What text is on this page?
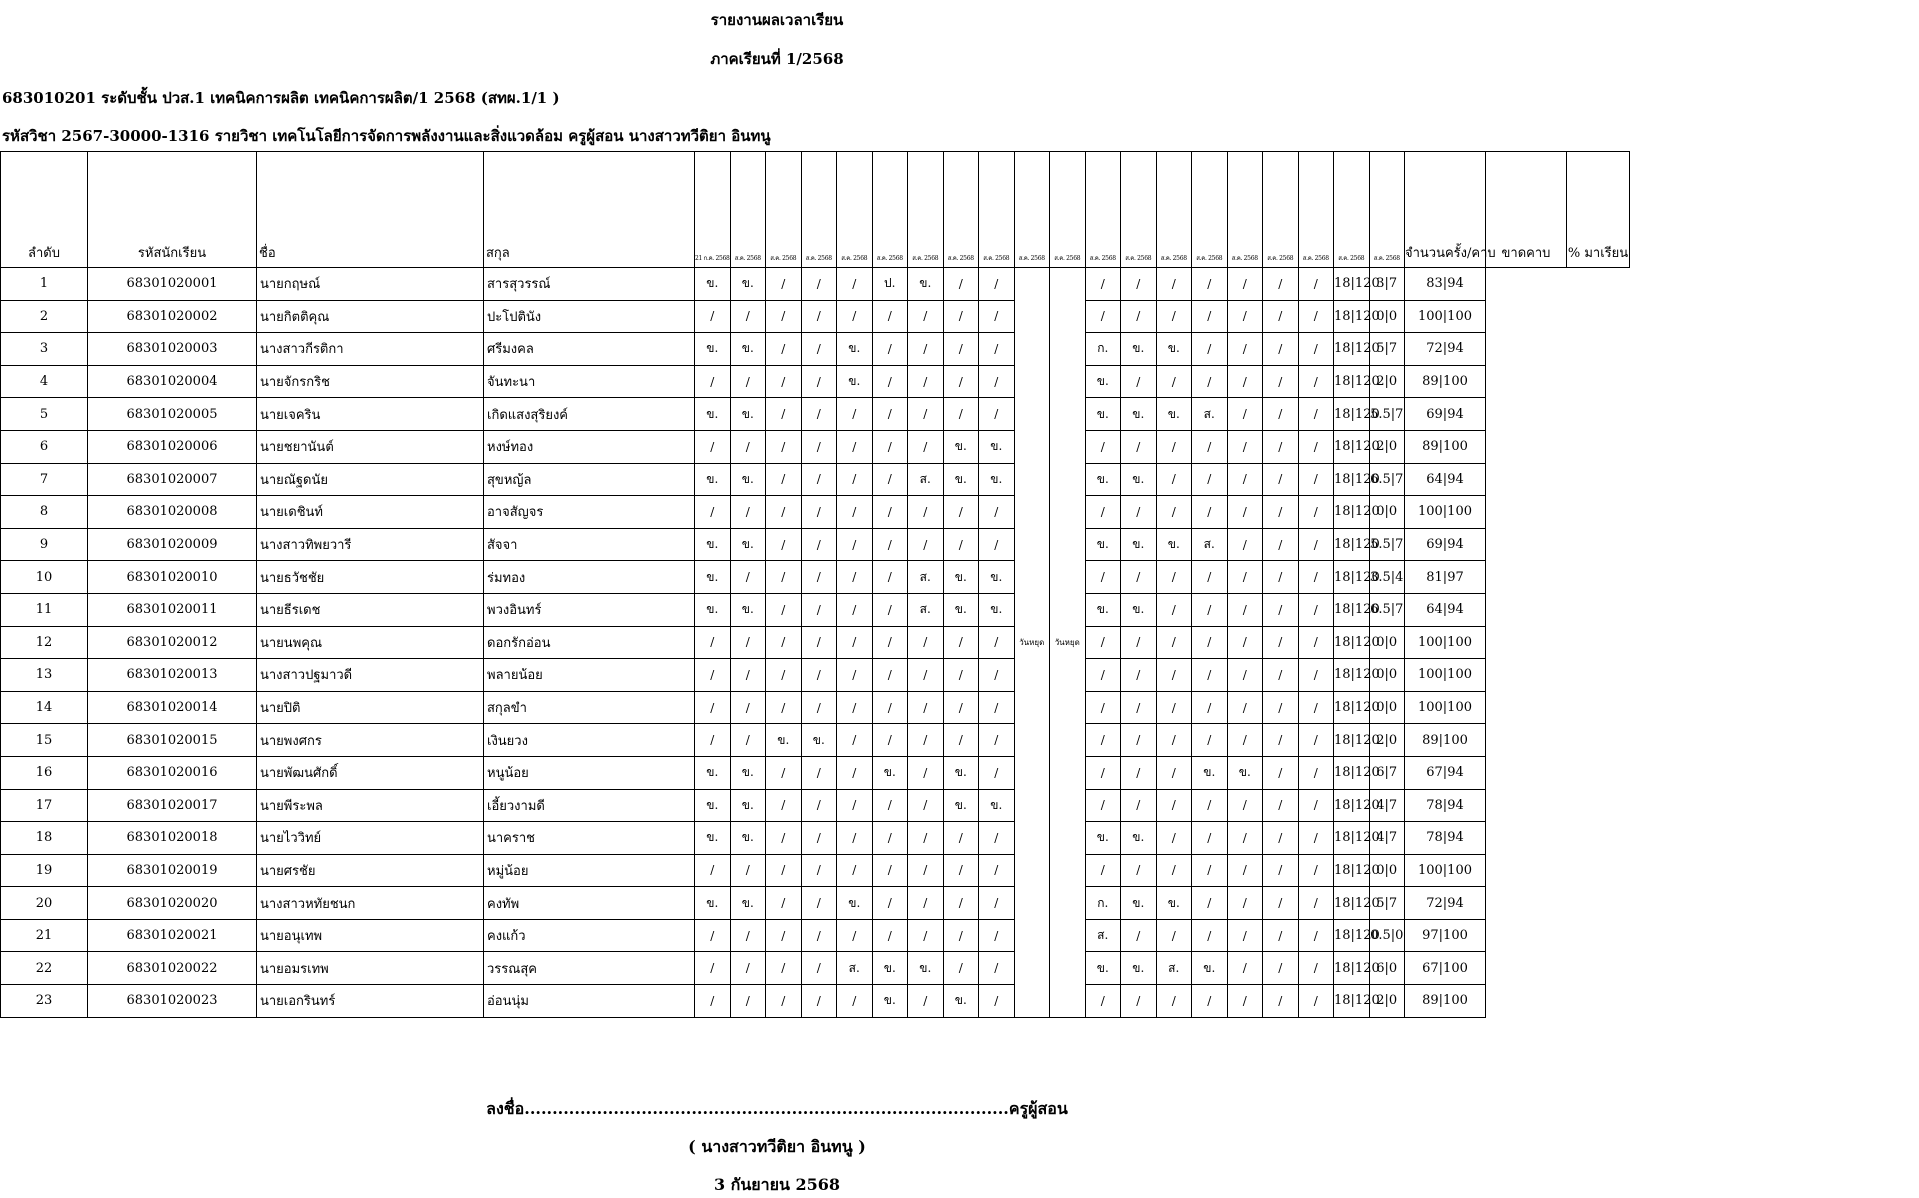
รายงานผลเวลาเรียน
ภาคเรียนที่ 1/2568
683010201 ระดับชั้น ปวส.1 เทคนิคการผลิต เทคนิคการผลิต/1 2568 (สทผ.1/1 )
รหัสวิชา 2567-30000-1316 รายวิชา เทคโนโลยีการจัดการพลังงานและสิ่งแวดล้อม ครูผู้สอน นางสาวทวีติยา อินทนู
ลำดับ	รหัสนักเรียน	ชื่อ	สกุล	21 ก.ค. 2568	ส.ค. 2568	ส.ค. 2568	ส.ค. 2568	ส.ค. 2568	ส.ค. 2568	ส.ค. 2568	ส.ค. 2568	ส.ค. 2568	ส.ค. 2568	ส.ค. 2568	ส.ค. 2568	ส.ค. 2568	ส.ค. 2568	ส.ค. 2568	ส.ค. 2568	ส.ค. 2568	ส.ค. 2568	ส.ค. 2568	ส.ค. 2568	จำนวนครั้ง/คาบ	ขาดคาบ	% มาเรียน
1	68301020001	นายกฤษณ์	สารสุวรรณ์	ข.	ข.	/	/	/	ป.	ข.	/	/	วันหยุด	วันหยุด	/	/	/	/	/	/	/	18|120	3|7	83|94		
2	68301020002	นายกิตติคุณ	ปะโปตินัง	/	/	/	/	/	/	/	/	/			/	/	/	/	/	/	/	18|120	0|0	100|100		
3	68301020003	นางสาวกีรติกา	ศรีมงคล	ข.	ข.	/	/	ข.	/	/	/	/			ก.	ข.	ข.	/	/	/	/	18|120	5|7	72|94		
4	68301020004	นายจักรกริช	จันทะนา	/	/	/	/	ข.	/	/	/	/			ข.	/	/	/	/	/	/	18|120	2|0	89|100		
5	68301020005	นายเจคริน	เกิดแสงสุริยงค์	ข.	ข.	/	/	/	/	/	/	/			ข.	ข.	ข.	ส.	/	/	/	18|120	5.5|7	69|94		
6	68301020006	นายชยานันต์	หงษ์ทอง	/	/	/	/	/	/	/	ข.	ข.			/	/	/	/	/	/	/	18|120	2|0	89|100		
7	68301020007	นายณัฐดนัย	สุขหญ้ล	ข.	ข.	/	/	/	/	ส.	ข.	ข.			ข.	ข.	/	/	/	/	/	18|120	6.5|7	64|94		
8	68301020008	นายเดชินท์	อาจสัญจร	/	/	/	/	/	/	/	/	/			/	/	/	/	/	/	/	18|120	0|0	100|100		
9	68301020009	นางสาวทิพยวารี	สัจจา	ข.	ข.	/	/	/	/	/	/	/			ข.	ข.	ข.	ส.	/	/	/	18|120	5.5|7	69|94		
10	68301020010	นายธวัชชัย	ร่มทอง	ข.	/	/	/	/	/	ส.	ข.	ข.			/	/	/	/	/	/	/	18|120	3.5|4	81|97		
11	68301020011	นายธีรเดช	พวงอินทร์	ข.	ข.	/	/	/	/	ส.	ข.	ข.			ข.	ข.	/	/	/	/	/	18|120	6.5|7	64|94		
12	68301020012	นายนพคุณ	ดอกรักอ่อน	/	/	/	/	/	/	/	/	/			/	/	/	/	/	/	/	18|120	0|0	100|100		
13	68301020013	นางสาวปฐมาวดี	พลายน้อย	/	/	/	/	/	/	/	/	/			/	/	/	/	/	/	/	18|120	0|0	100|100		
14	68301020014	นายปิติ	สกุลขำ	/	/	/	/	/	/	/	/	/			/	/	/	/	/	/	/	18|120	0|0	100|100		
15	68301020015	นายพงศกร	เงินยวง	/	/	ข.	ข.	/	/	/	/	/			/	/	/	/	/	/	/	18|120	2|0	89|100		
16	68301020016	นายพัฒนศักดิ์	หนูน้อย	ข.	ข.	/	/	/	ข.	/	ข.	/			/	/	/	ข.	ข.	/	/	18|120	6|7	67|94		
17	68301020017	นายพีระพล	เอี้ยวงามดี	ข.	ข.	/	/	/	/	/	ข.	ข.			/	/	/	/	/	/	/	18|120	4|7	78|94		
18	68301020018	นายไววิทย์	นาคราช	ข.	ข.	/	/	/	/	/	/	/			ข.	ข.	/	/	/	/	/	18|120	4|7	78|94		
19	68301020019	นายศรชัย	หมู่น้อย	/	/	/	/	/	/	/	/	/			/	/	/	/	/	/	/	18|120	0|0	100|100		
20	68301020020	นางสาวหทัยชนก	คงทัพ	ข.	ข.	/	/	ข.	/	/	/	/			ก.	ข.	ข.	/	/	/	/	18|120	5|7	72|94		
21	68301020021	นายอนุเทพ	คงแก้ว	/	/	/	/	/	/	/	/	/			ส.	/	/	/	/	/	/	18|120	0.5|0	97|100		
22	68301020022	นายอมรเทพ	วรรณสุค	/	/	/	/	ส.	ข.	ข.	/	/			ข.	ข.	ส.	ข.	/	/	/	18|120	6|0	67|100		
23	68301020023	นายเอกรินทร์	อ่อนนุ่ม	/	/	/	/	/	ข.	/	ข.	/			/	/	/	/	/	/	/	18|120	2|0	89|100		
ลงชื่อ.......................................................................................ครูผู้สอน
( นางสาวทวีติยา อินทนู )
3 กันยายน 2568
